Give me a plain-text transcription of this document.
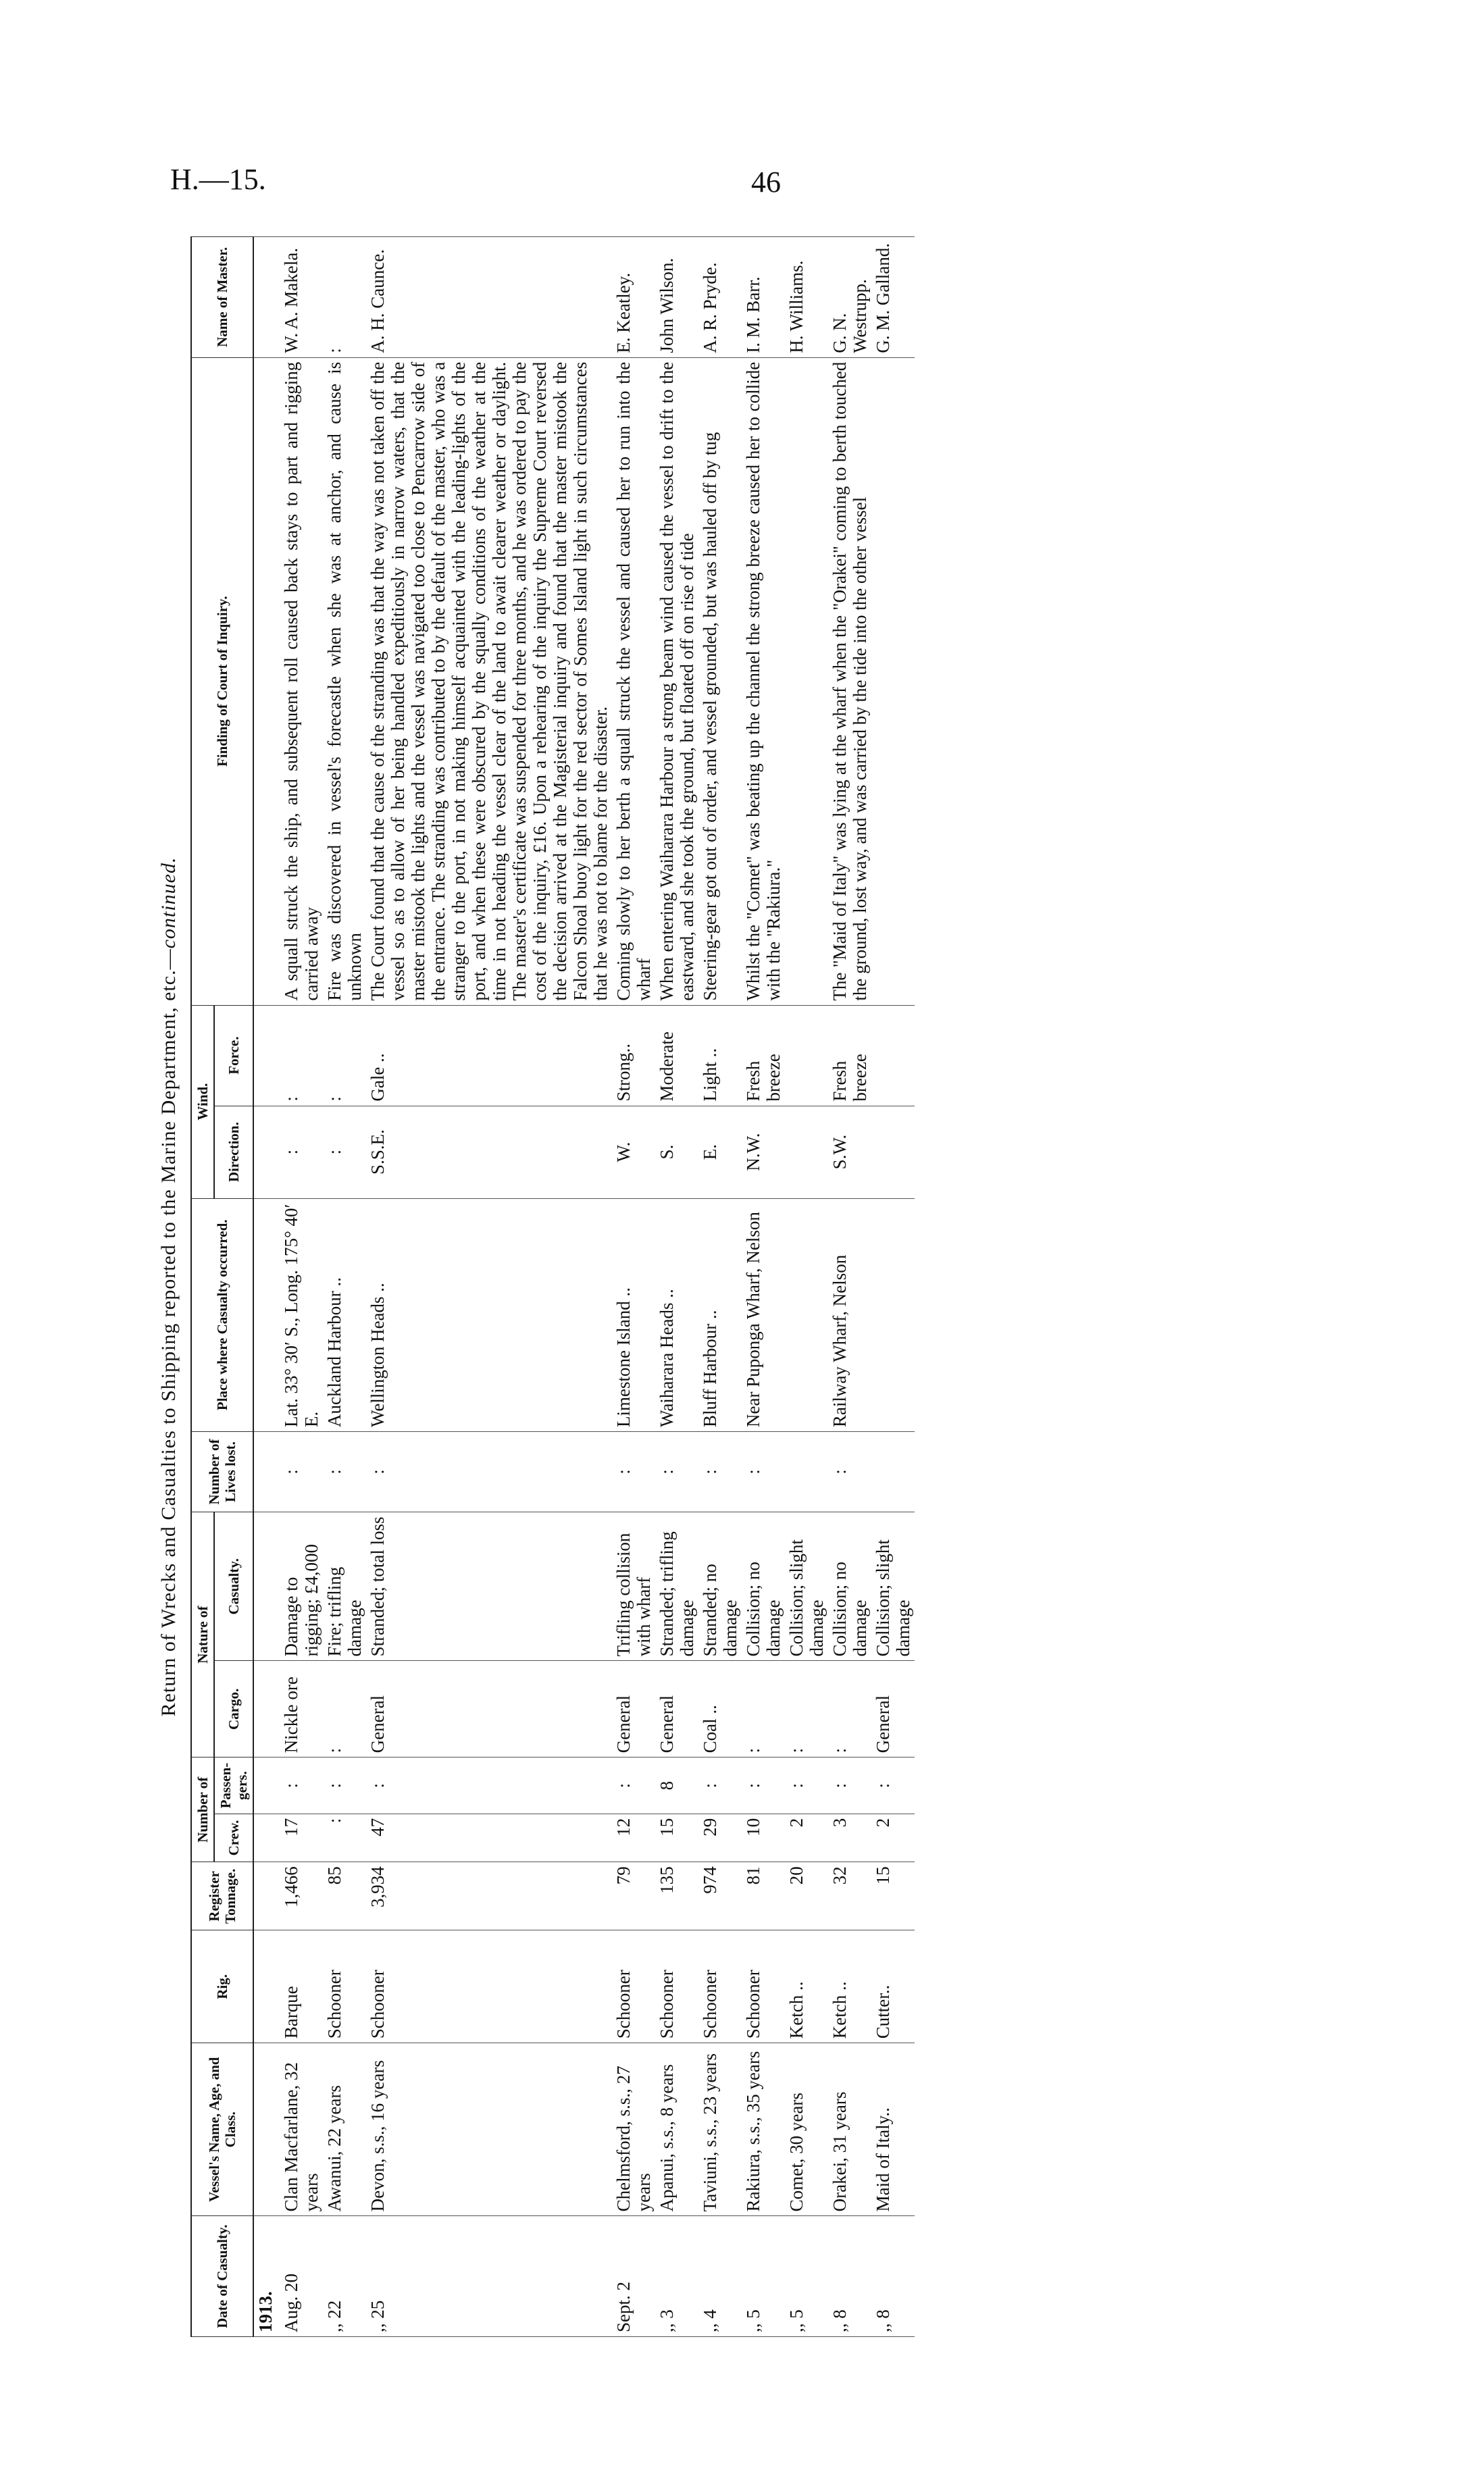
H.—15.	46
Return of Wrecks and Casualties to Shipping reported to the Marine Department, etc.—continued.
Date of Casualty.	Vessel's Name, Age, and Class.	Rig.	Register Tonnage.	Number of		Nature of		Number of Lives lost.	Place where Casualty occurred.	Wind.		Finding of Court of Inquiry.	Name of Master.
				Crew.	Passen-gers.	Cargo.	Casualty.			Direction.	Force.		
1913.													
Aug. 20	Clan Macfarlane, 32 years	Barque	1,466	17	:	Nickle ore	Damage to rigging; £4,000	:	Lat. 33° 30′ S., Long. 175° 40′ E.	:	:	A squall struck the ship, and subsequent roll caused back stays to part and rigging carried away	W. A. Makela.
,, 22	Awanui, 22 years	Schooner	85	:	:	:	Fire; trifling damage	:	Auckland Harbour ..	:	:	Fire was discovered in vessel's forecastle when she was at anchor, and cause is unknown	:
,, 25	Devon, s.s., 16 years	Schooner	3,934	47	:	General	Stranded; total loss	:	Wellington Heads ..	S.S.E.	Gale ..	The Court found that the cause of the stranding was that the way was not taken off the vessel so as to allow of her being handled expeditiously in narrow waters, that the master mistook the lights and the vessel was navigated too close to Pencarrow side of the entrance. The stranding was contributed to by the default of the master, who was a stranger to the port, in not making himself acquainted with the leading-lights of the port, and when these were obscured by the squally conditions of the weather at the time in not heading the vessel clear of the land to await clearer weather or daylight. The master's certificate was suspended for three months, and he was ordered to pay the cost of the inquiry, £16. Upon a rehearing of the inquiry the Supreme Court reversed the decision arrived at the Magisterial inquiry and found that the master mistook the Falcon Shoal buoy light for the red sector of Somes Island light in such circumstances that he was not to blame for the disaster.	A. H. Caunce.
Sept. 2	Chelmsford, s.s., 27 years	Schooner	79	12	:	General	Trifling collision with wharf	:	Limestone Island ..	W.	Strong..	Coming slowly to her berth a squall struck the vessel and caused her to run into the wharf	E. Keatley.
,, 3	Apanui, s.s., 8 years	Schooner	135	15	8	General	Stranded; trifling damage	:	Waiharara Heads ..	S.	Moderate	When entering Waiharara Harbour a strong beam wind caused the vessel to drift to the eastward, and she took the ground, but floated off on rise of tide	John Wilson.
,, 4	Taviuni, s.s., 23 years	Schooner	974	29	:	Coal ..	Stranded; no damage	:	Bluff Harbour ..	E.	Light ..	Steering-gear got out of order, and vessel grounded, but was hauled off by tug	A. R. Pryde.
,, 5	Rakiura, s.s., 35 years	Schooner	81	10	:	:	Collision; no damage	:	Near Puponga Wharf, Nelson	N.W.	Fresh breeze	Whilst the "Comet" was beating up the channel the strong breeze caused her to collide with the "Rakiura."	I. M. Barr.
,, 5	Comet, 30 years	Ketch ..	20	2	:	:	Collision; slight damage						H. Williams.
,, 8	Orakei, 31 years	Ketch ..	32	3	:	:	Collision; no damage	:	Railway Wharf, Nelson	S.W.	Fresh breeze	The "Maid of Italy" was lying at the wharf when the "Orakei" coming to berth touched the ground, lost way, and was carried by the tide into the other vessel	G. N. Westrupp.
,, 8	Maid of Italy..	Cutter..	15	2	:	General	Collision; slight damage						G. M. Galland.
